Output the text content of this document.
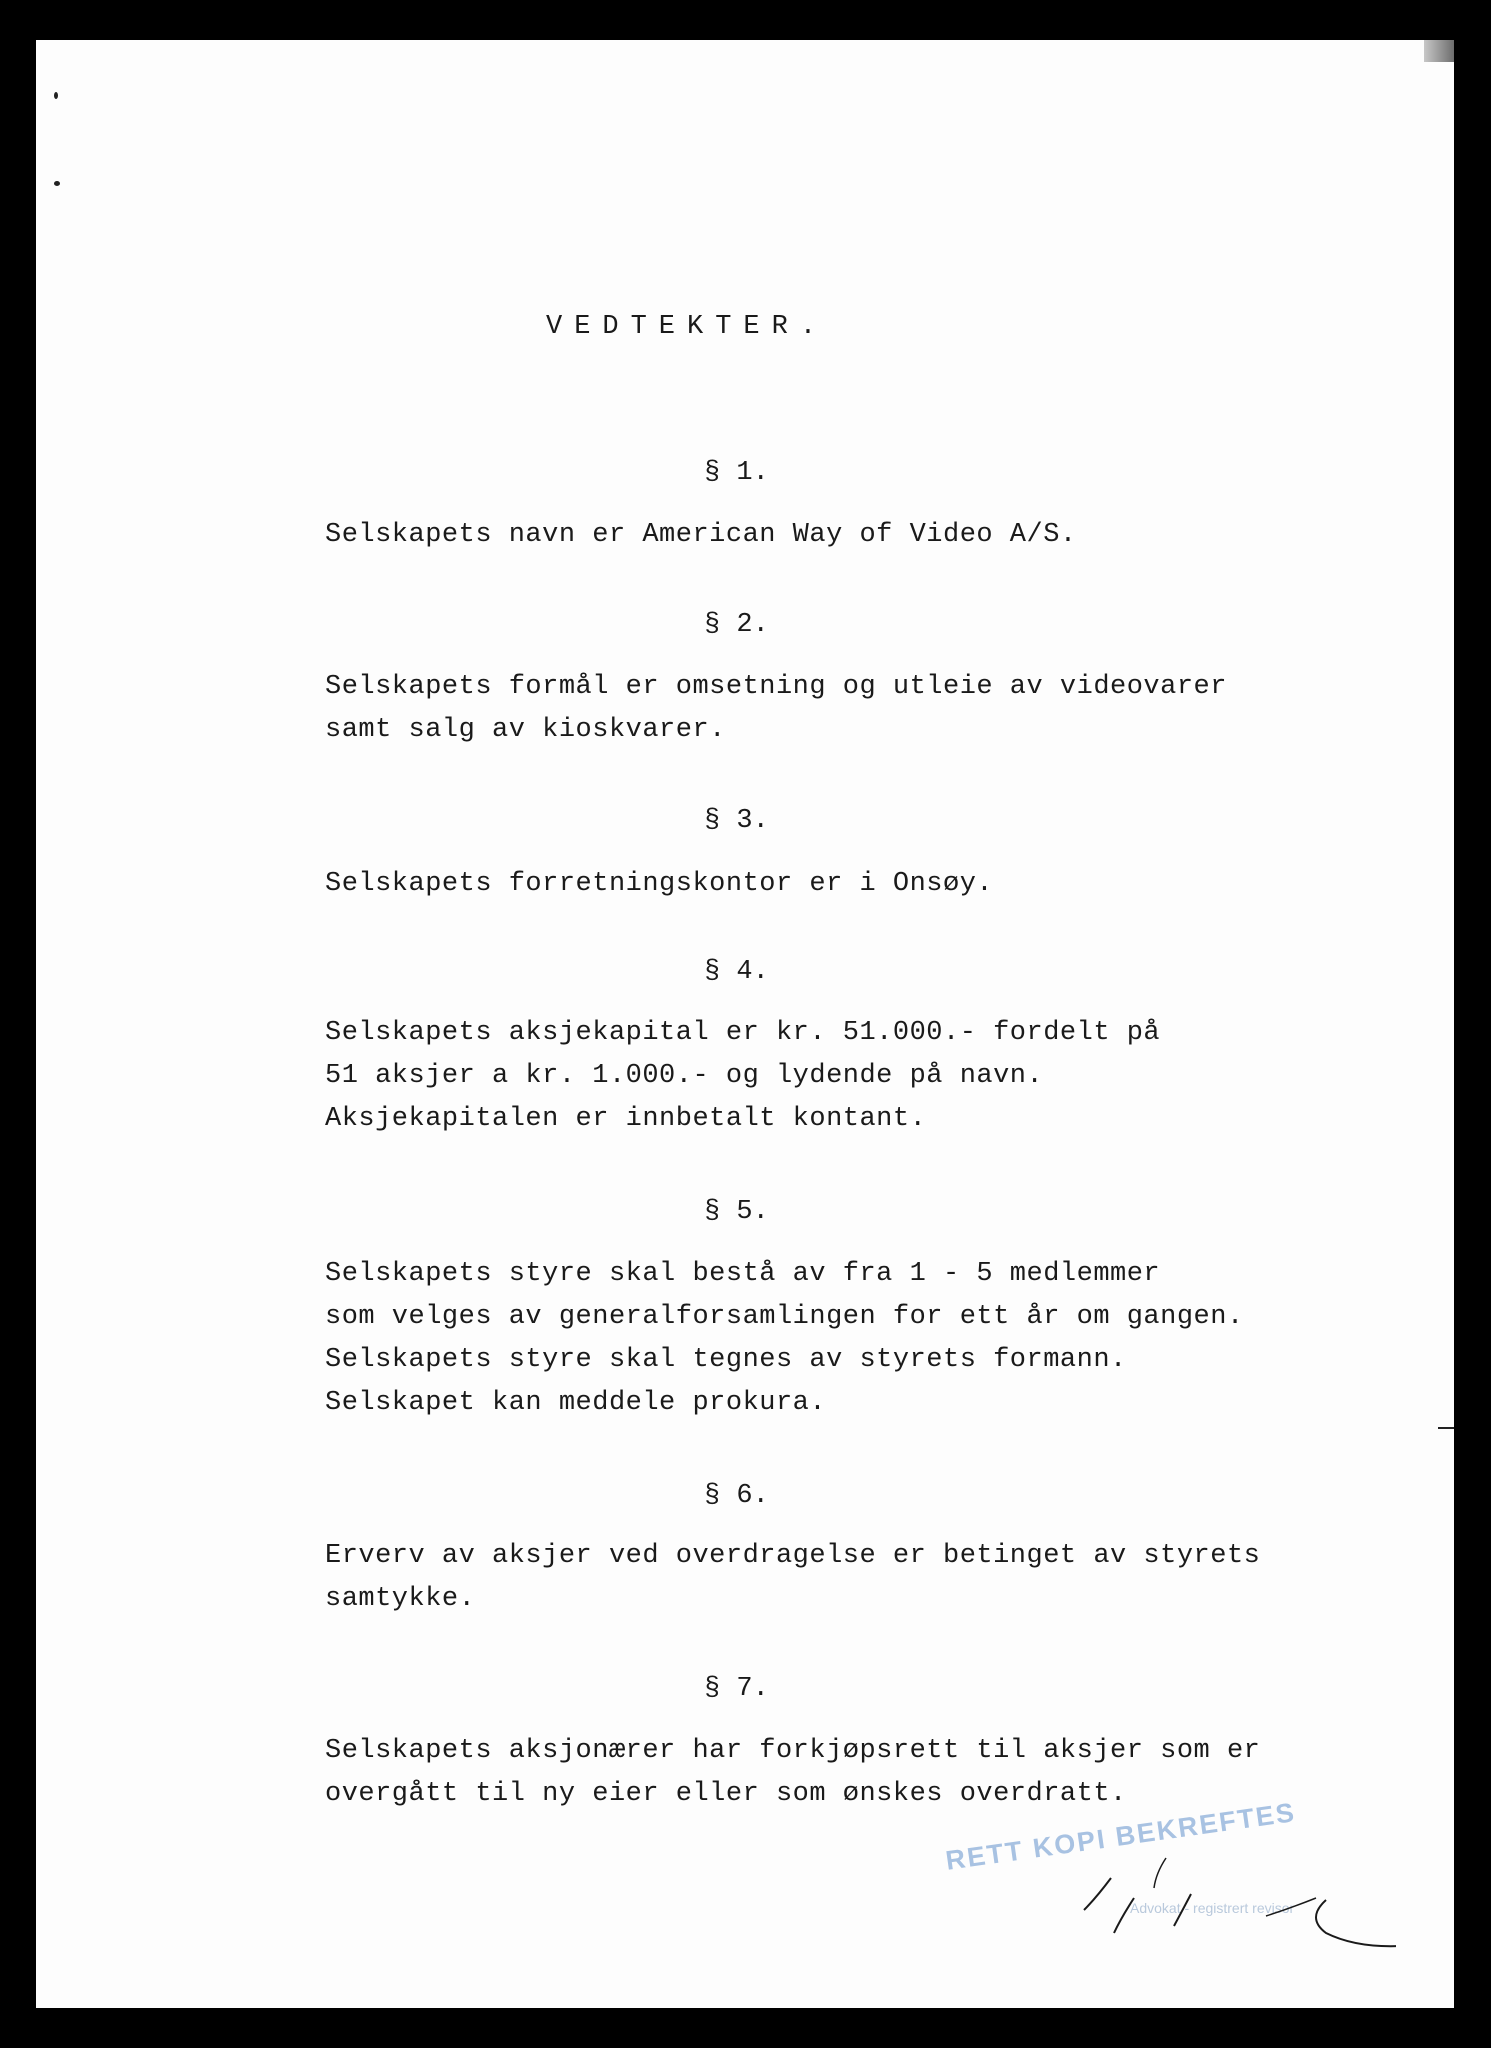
VEDTEKTER.
§ 1.
Selskapets navn er American Way of Video A/S.
§ 2.
Selskapets formål er omsetning og utleie av videovarer
samt salg av kioskvarer.
§ 3.
Selskapets forretningskontor er i Onsøy.
§ 4.
Selskapets aksjekapital er kr. 51.000.- fordelt på
51 aksjer a kr. 1.000.- og lydende på navn.
Aksjekapitalen er innbetalt kontant.
§ 5.
Selskapets styre skal bestå av fra 1 - 5 medlemmer
som velges av generalforsamlingen for ett år om gangen.
Selskapets styre skal tegnes av styrets formann.
Selskapet kan meddele prokura.
§ 6.
Erverv av aksjer ved overdragelse er betinget av styrets
samtykke.
§ 7.
Selskapets aksjonærer har forkjøpsrett til aksjer som er
overgått til ny eier eller som ønskes overdratt.
RETT KOPI BEKREFTES
Advokat - registrert revisor
